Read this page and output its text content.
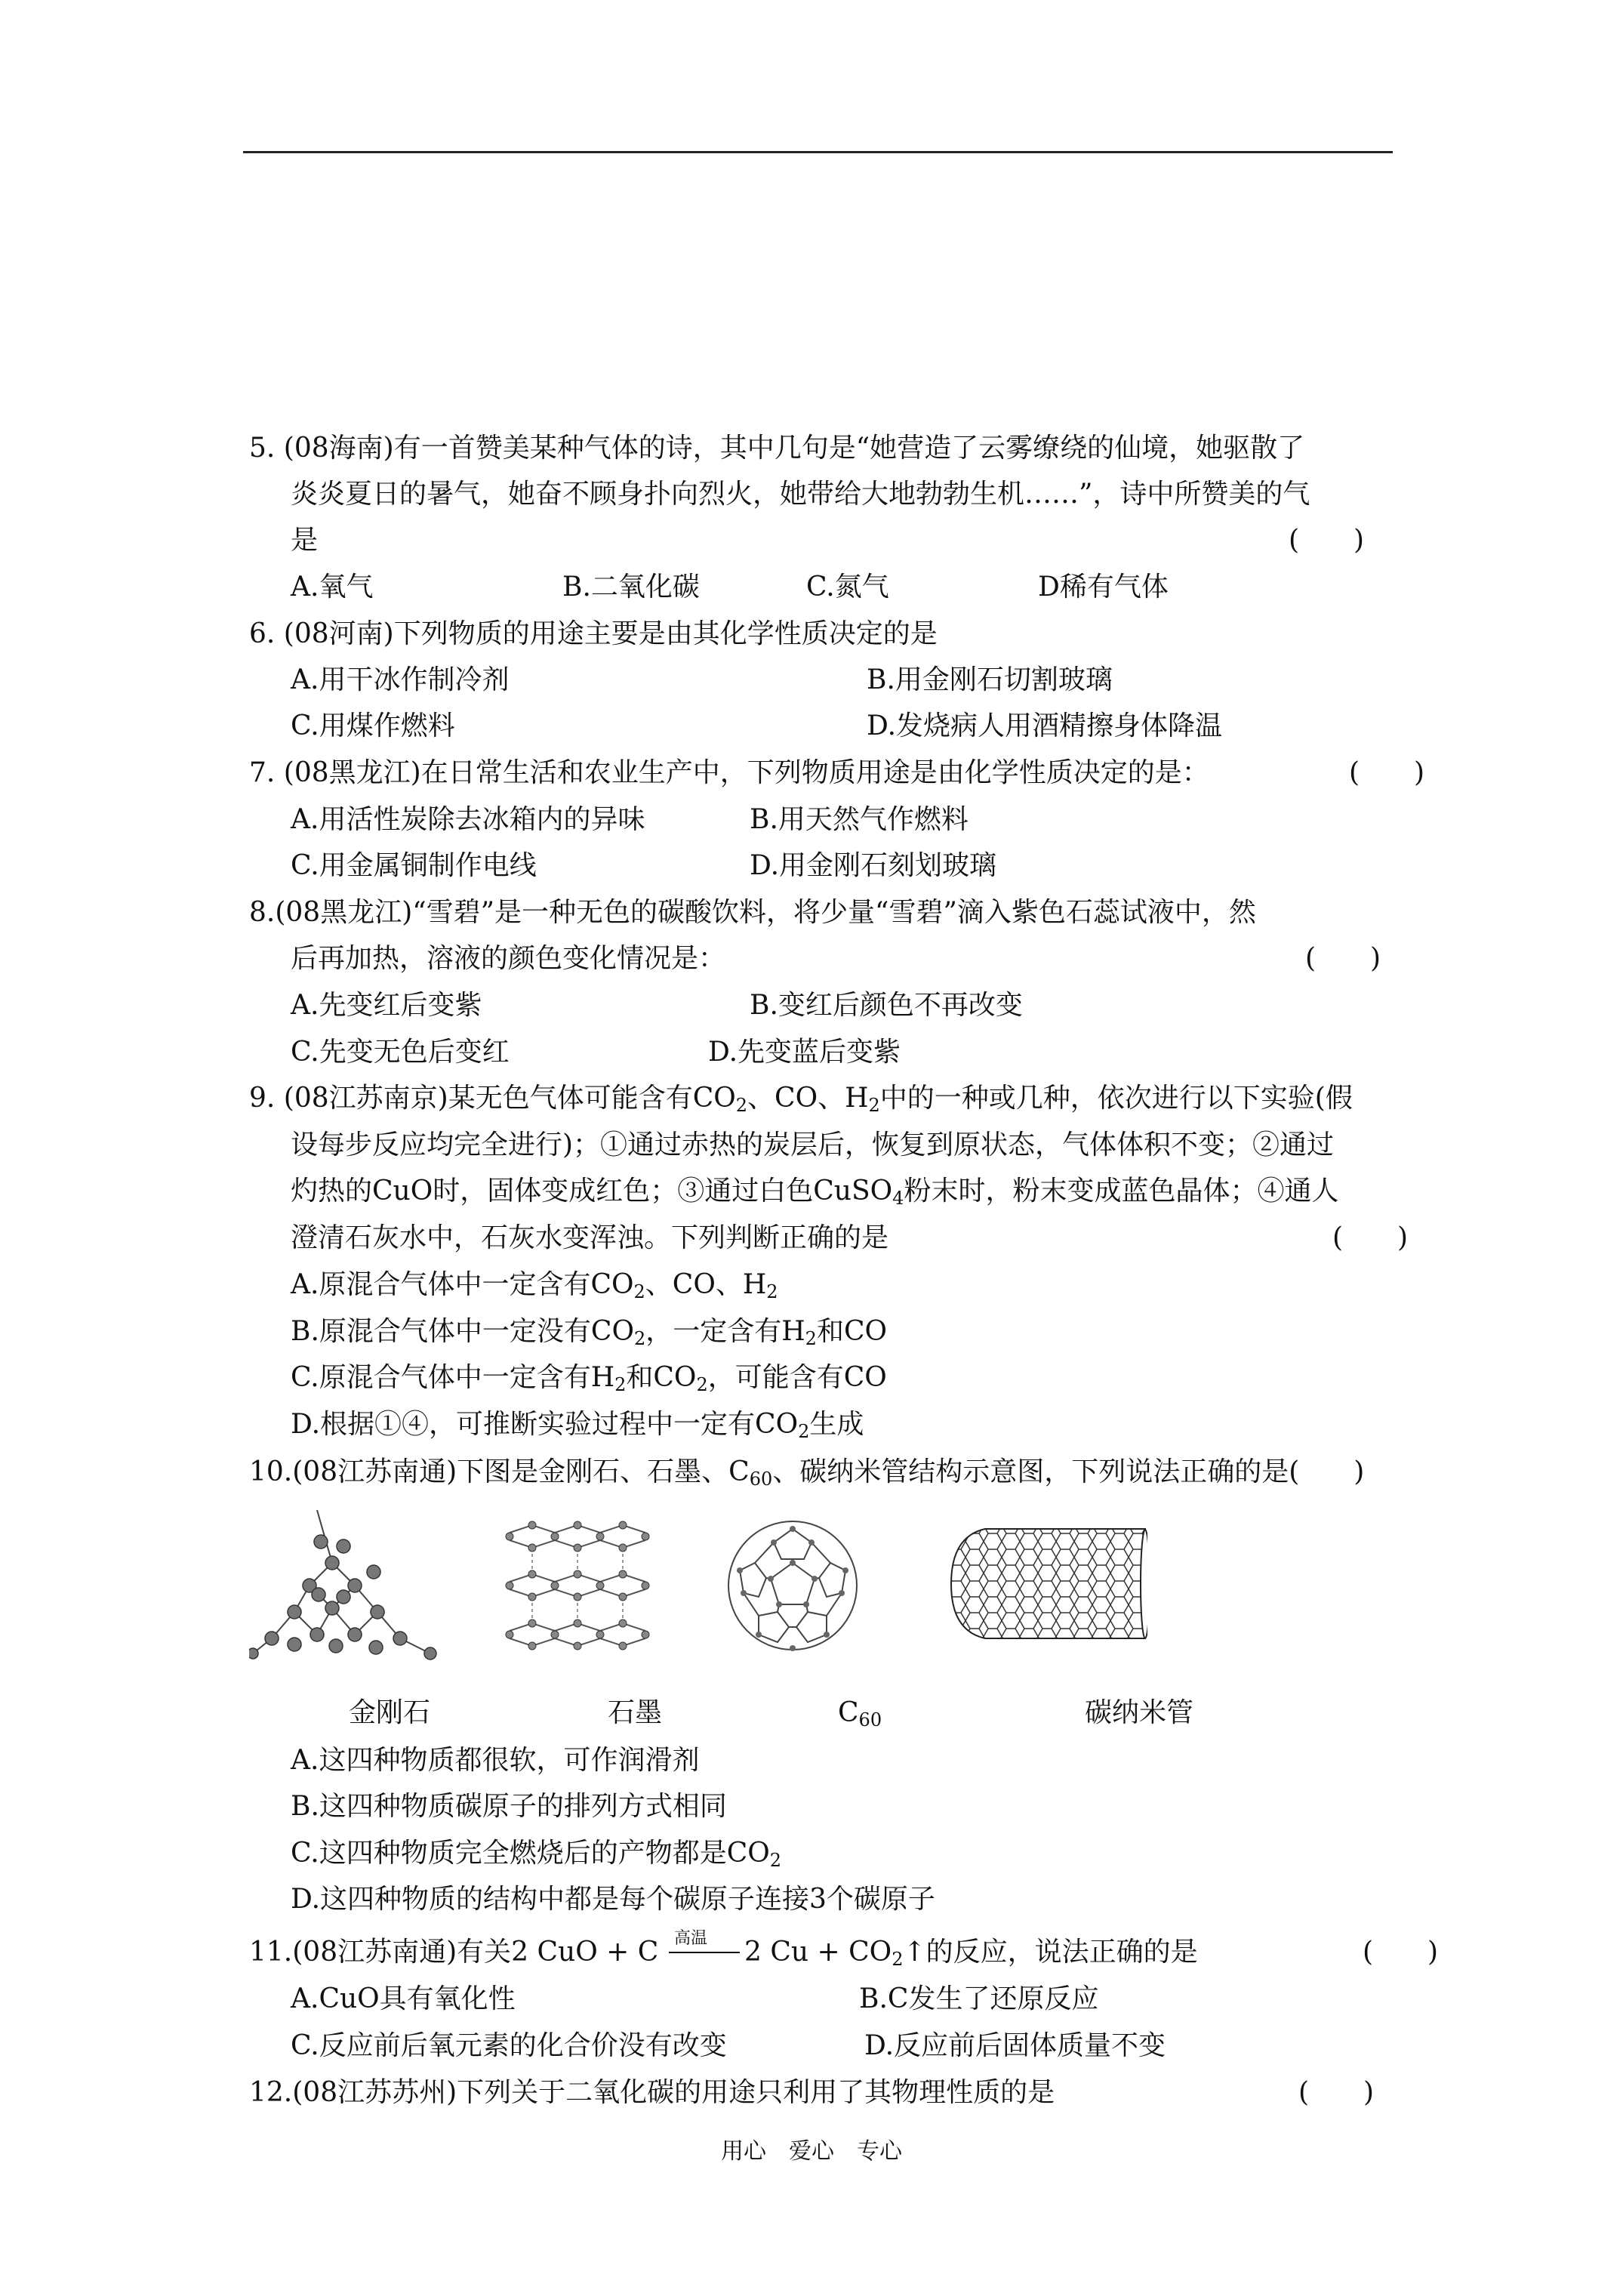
5. (08海南)有一首赞美某种气体的诗，其中几句是“她营造了云雾缭绕的仙境，她驱散了
炎炎夏日的暑气，她奋不顾身扑向烈火，她带给大地勃勃生机……”，诗中所赞美的气
是	(　　)
A.氧气	B.二氧化碳	C.氮气	D稀有气体
6. (08河南)下列物质的用途主要是由其化学性质决定的是
A.用干冰作制冷剂	B.用金刚石切割玻璃
C.用煤作燃料	D.发烧病人用酒精擦身体降温
7. (08黑龙江)在日常生活和农业生产中，下列物质用途是由化学性质决定的是：	(　　)
A.用活性炭除去冰箱内的异味	B.用天然气作燃料
C.用金属铜制作电线	D.用金刚石刻划玻璃
8.(08黑龙江)“雪碧”是一种无色的碳酸饮料，将少量“雪碧”滴入紫色石蕊试液中，然
后再加热，溶液的颜色变化情况是：	(　　)
A.先变红后变紫	B.变红后颜色不再改变
C.先变无色后变红	D.先变蓝后变紫
9. (08江苏南京)某无色气体可能含有$CO_2$、CO、$H_2$中的一种或几种，依次进行以下实验(假
设每步反应均完全进行)；①通过赤热的炭层后，恢复到原状态，气体体积不变；②通过
灼热的CuO时，固体变成红色；③通过白色CuSO$_4$粉末时，粉末变成蓝色晶体；④通人
澄清石灰水中，石灰水变浑浊。下列判断正确的是	(　　)
A.原混合气体中一定含有$CO_2$、CO、$H_2$
B.原混合气体中一定没有$CO_2$，一定含有$H_2$和CO
C.原混合气体中一定含有$H_2$和$CO_2$，可能含有CO
D.根据①④，可推断实验过程中一定有$CO_2$生成
10.(08江苏南通)下图是金刚石、石墨、$C_{60}$、碳纳米管结构示意图，下列说法正确的是(　　)
金刚石	石墨	$C_{60}$	碳纳米管
A.这四种物质都很软，可作润滑剂
B.这四种物质碳原子的排列方式相同
C.这四种物质完全燃烧后的产物都是$CO_2$
D.这四种物质的结构中都是每个碳原子连接3个碳原子
11.(08江苏南通)有关2 CuO + C 高温 2 $Cu + CO_2↑$的反应，说法正确的是	(　　)
A.CuO具有氧化性	B.C发生了还原反应
C.反应前后氧元素的化合价没有改变	D.反应前后固体质量不变
12.(08江苏苏州)下列关于二氧化碳的用途只利用了其物理性质的是	(　　)
用心　爱心　专心
